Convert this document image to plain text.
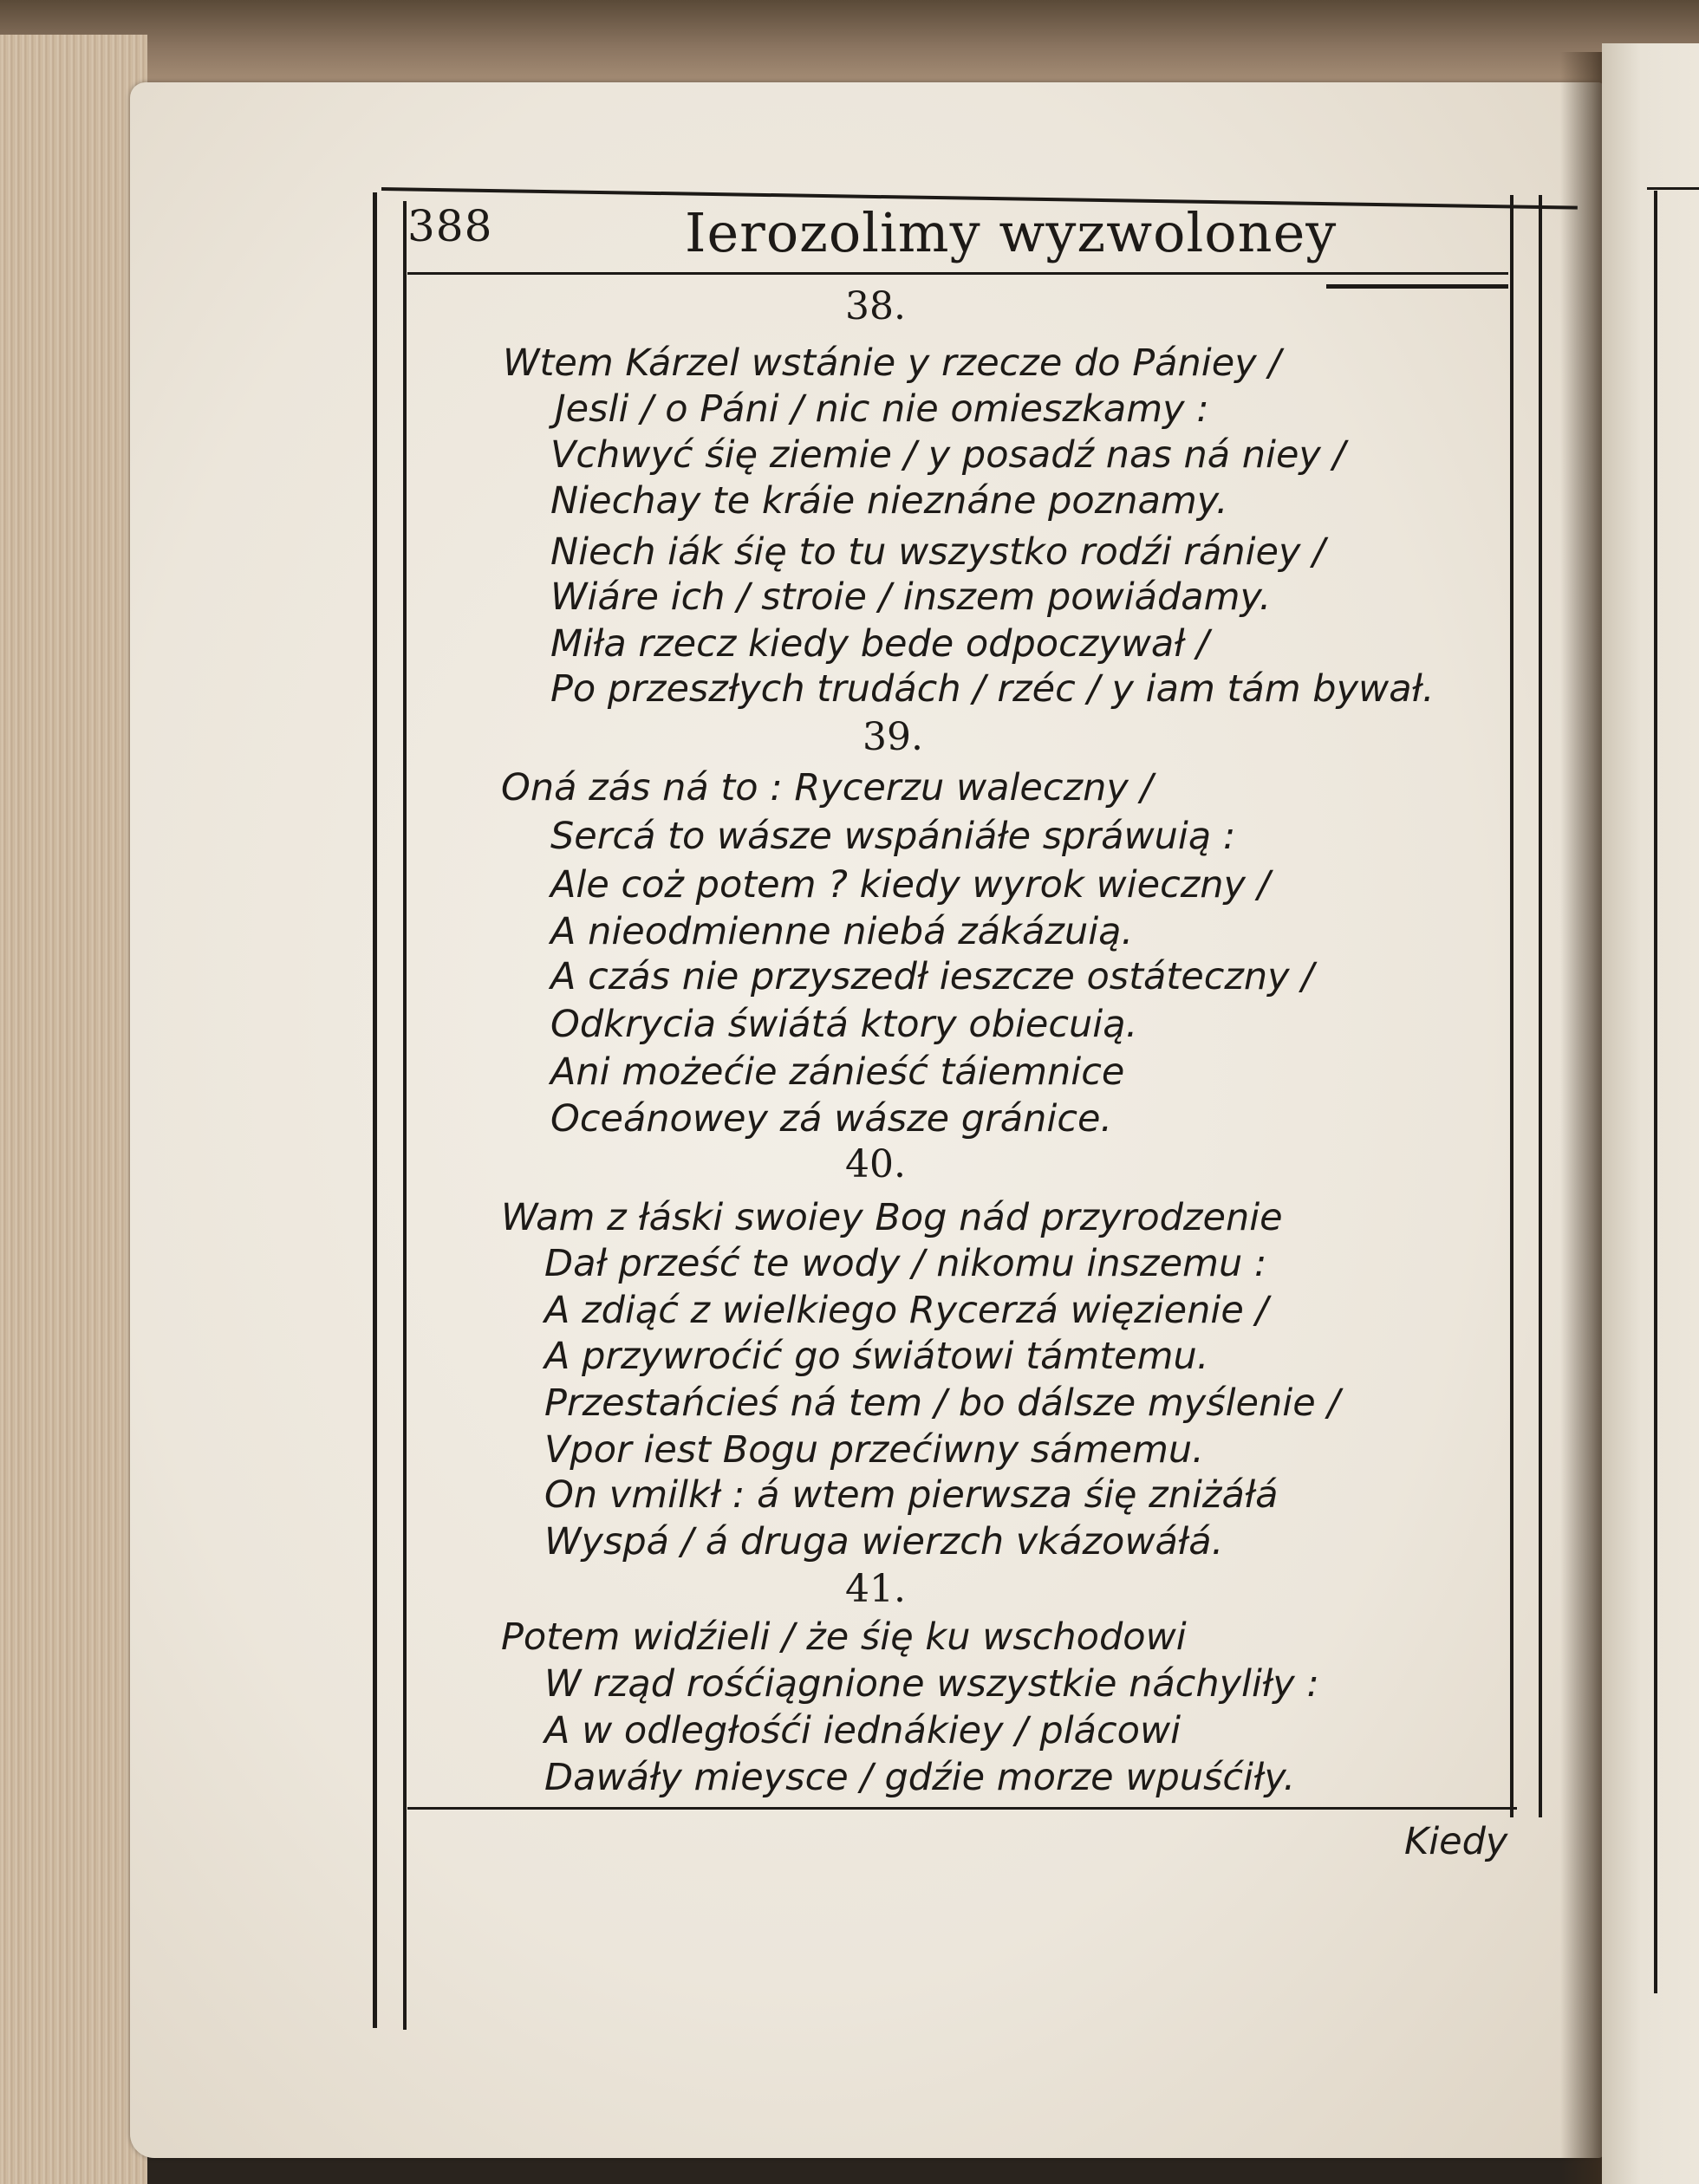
388	Ierozolimy wyzwoloney
38.
Wtem Kárzel wstánie y rzecze do Pániey /
Jesli / o Páni / nic nie omieszkamy :
Vchwyć śię ziemie / y posadź nas ná niey /
Niechay te kráie nieznáne poznamy.
Niech iák śię to tu wszystko rodźi rániey /
Wiáre ich / stroie / inszem powiádamy.
Miła rzecz kiedy bede odpoczywał /
Po przeszłych trudách / rzéc / y iam tám bywał.
39.
Oná zás ná to : Rycerzu waleczny /
Sercá to wásze wspániáłe spráwuią :
Ale coż potem ? kiedy wyrok wieczny /
A nieodmienne niebá zákázuią.
A czás nie przyszedł ieszcze ostáteczny /
Odkrycia świátá ktory obiecuią.
Ani możećie zánieść táiemnice
Oceánowey zá wásze gránice.
40.
Wam z łáski swoiey Bog nád przyrodzenie
Dał prześć te wody / nikomu inszemu :
A zdiąć z wielkiego Rycerzá więzienie /
A przywroćić go świátowi támtemu.
Przestańcieś ná tem / bo dálsze myślenie /
Vpor iest Bogu przećiwny sámemu.
On vmilkł : á wtem pierwsza śię zniżáłá
Wyspá / á druga wierzch vkázowáłá.
41.
Potem widźieli / że śię ku wschodowi
W rząd rośćiągnione wszystkie náchyliły :
A w odległośći iednákiey / plácowi
Dawáły mieysce / gdźie morze wpuśćiły.
Kiedy
